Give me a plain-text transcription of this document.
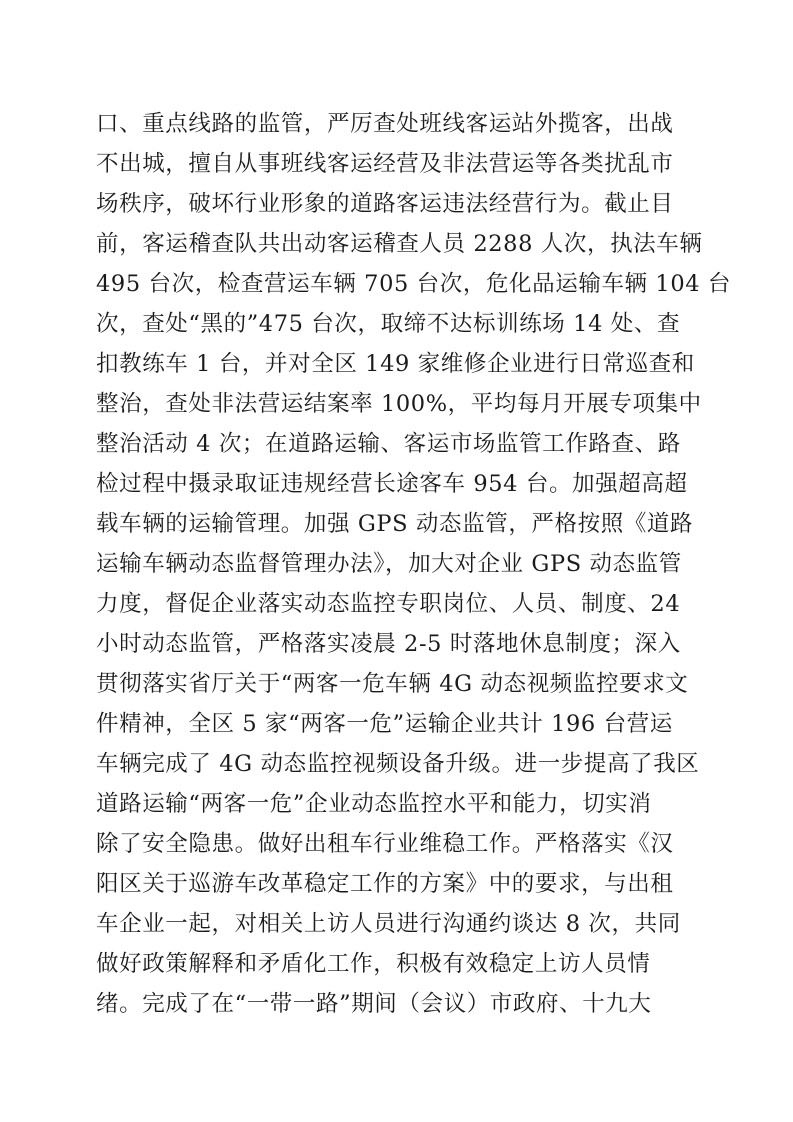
口、重点线路的监管，严厉查处班线客运站外揽客，出战
不出城，擅自从事班线客运经营及非法营运等各类扰乱市
场秩序，破坏行业形象的道路客运违法经营行为。截止目
前，客运稽查队共出动客运稽查人员 2288 人次，执法车辆
495 台次，检查营运车辆 705 台次，危化品运输车辆 104 台
次，查处“黑的”475 台次，取缔不达标训练场 14 处、查
扣教练车 1 台，并对全区 149 家维修企业进行日常巡查和
整治，查处非法营运结案率 100%，平均每月开展专项集中
整治活动 4 次；在道路运输、客运市场监管工作路查、路
检过程中摄录取证违规经营长途客车 954 台。加强超高超
载车辆的运输管理。加强 GPS 动态监管，严格按照《道路
运输车辆动态监督管理办法》，加大对企业 GPS 动态监管
力度，督促企业落实动态监控专职岗位、人员、制度、24
小时动态监管，严格落实凌晨 2-5 时落地休息制度；深入
贯彻落实省厅关于“两客一危车辆 4G 动态视频监控要求文
件精神，全区 5 家“两客一危”运输企业共计 196 台营运
车辆完成了 4G 动态监控视频设备升级。进一步提高了我区
道路运输“两客一危”企业动态监控水平和能力，切实消
除了安全隐患。做好出租车行业维稳工作。严格落实《汉
阳区关于巡游车改革稳定工作的方案》中的要求，与出租
车企业一起，对相关上访人员进行沟通约谈达 8 次，共同
做好政策解释和矛盾化工作，积极有效稳定上访人员情
绪。完成了在“一带一路”期间（会议）市政府、十九大
